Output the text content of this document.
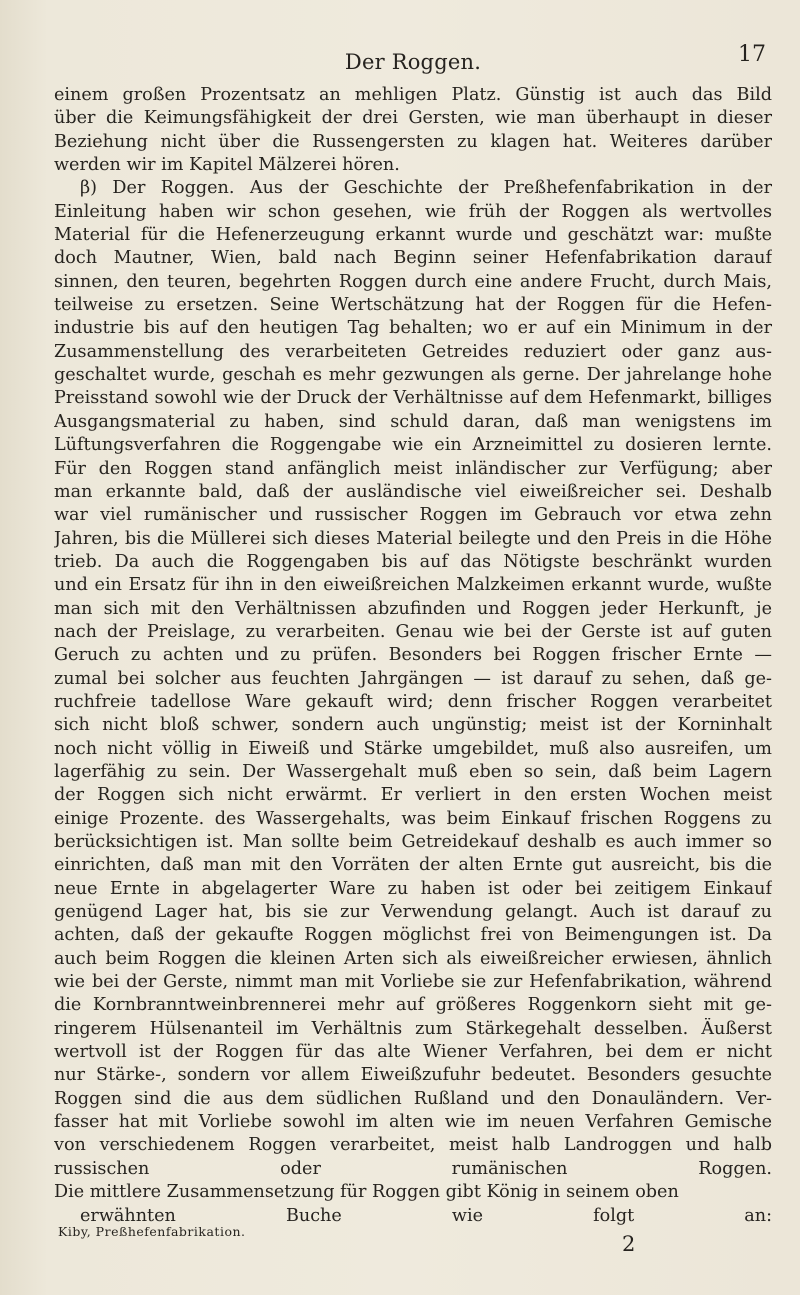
Der Roggen.	17
einem großen Prozentsatz an mehligen Platz. Günstig ist auch das Bild
über die Keimungsfähigkeit der drei Gersten, wie man überhaupt in dieser
Beziehung nicht über die Russengersten zu klagen hat. Weiteres darüber
werden wir im Kapitel Mälzerei hören.
β) Der Roggen. Aus der Geschichte der Preßhefenfabrikation in der
Einleitung haben wir schon gesehen, wie früh der Roggen als wertvolles
Material für die Hefenerzeugung erkannt wurde und geschätzt war: mußte
doch Mautner, Wien, bald nach Beginn seiner Hefenfabrikation darauf
sinnen, den teuren, begehrten Roggen durch eine andere Frucht, durch Mais,
teilweise zu ersetzen. Seine Wertschätzung hat der Roggen für die Hefen-
industrie bis auf den heutigen Tag behalten; wo er auf ein Minimum in der
Zusammenstellung des verarbeiteten Getreides reduziert oder ganz aus-
geschaltet wurde, geschah es mehr gezwungen als gerne. Der jahrelange hohe
Preisstand sowohl wie der Druck der Verhältnisse auf dem Hefenmarkt, billiges
Ausgangsmaterial zu haben, sind schuld daran, daß man wenigstens im
Lüftungsverfahren die Roggengabe wie ein Arzneimittel zu dosieren lernte.
Für den Roggen stand anfänglich meist inländischer zur Verfügung; aber
man erkannte bald, daß der ausländische viel eiweißreicher sei. Deshalb
war viel rumänischer und russischer Roggen im Gebrauch vor etwa zehn
Jahren, bis die Müllerei sich dieses Material beilegte und den Preis in die Höhe
trieb. Da auch die Roggengaben bis auf das Nötigste beschränkt wurden
und ein Ersatz für ihn in den eiweißreichen Malzkeimen erkannt wurde, wußte
man sich mit den Verhältnissen abzufinden und Roggen jeder Herkunft, je
nach der Preislage, zu verarbeiten. Genau wie bei der Gerste ist auf guten
Geruch zu achten und zu prüfen. Besonders bei Roggen frischer Ernte —
zumal bei solcher aus feuchten Jahrgängen — ist darauf zu sehen, daß ge-
ruchfreie tadellose Ware gekauft wird; denn frischer Roggen verarbeitet
sich nicht bloß schwer, sondern auch ungünstig; meist ist der Korninhalt
noch nicht völlig in Eiweiß und Stärke umgebildet, muß also ausreifen, um
lagerfähig zu sein. Der Wassergehalt muß eben so sein, daß beim Lagern
der Roggen sich nicht erwärmt. Er verliert in den ersten Wochen meist
einige Prozente. des Wassergehalts, was beim Einkauf frischen Roggens zu
berücksichtigen ist. Man sollte beim Getreidekauf deshalb es auch immer so
einrichten, daß man mit den Vorräten der alten Ernte gut ausreicht, bis die
neue Ernte in abgelagerter Ware zu haben ist oder bei zeitigem Einkauf
genügend Lager hat, bis sie zur Verwendung gelangt. Auch ist darauf zu
achten, daß der gekaufte Roggen möglichst frei von Beimengungen ist. Da
auch beim Roggen die kleinen Arten sich als eiweißreicher erwiesen, ähnlich
wie bei der Gerste, nimmt man mit Vorliebe sie zur Hefenfabrikation, während
die Kornbranntweinbrennerei mehr auf größeres Roggenkorn sieht mit ge-
ringerem Hülsenanteil im Verhältnis zum Stärkegehalt desselben. Äußerst
wertvoll ist der Roggen für das alte Wiener Verfahren, bei dem er nicht
nur Stärke-, sondern vor allem Eiweißzufuhr bedeutet. Besonders gesuchte
Roggen sind die aus dem südlichen Rußland und den Donauländern. Ver-
fasser hat mit Vorliebe sowohl im alten wie im neuen Verfahren Gemische
von verschiedenem Roggen verarbeitet, meist halb Landroggen und halb
russischen oder rumänischen Roggen.
Die mittlere Zusammensetzung für Roggen gibt König in seinem oben
erwähnten Buche wie folgt an:
Kiby, Preßhefenfabrikation.
2
